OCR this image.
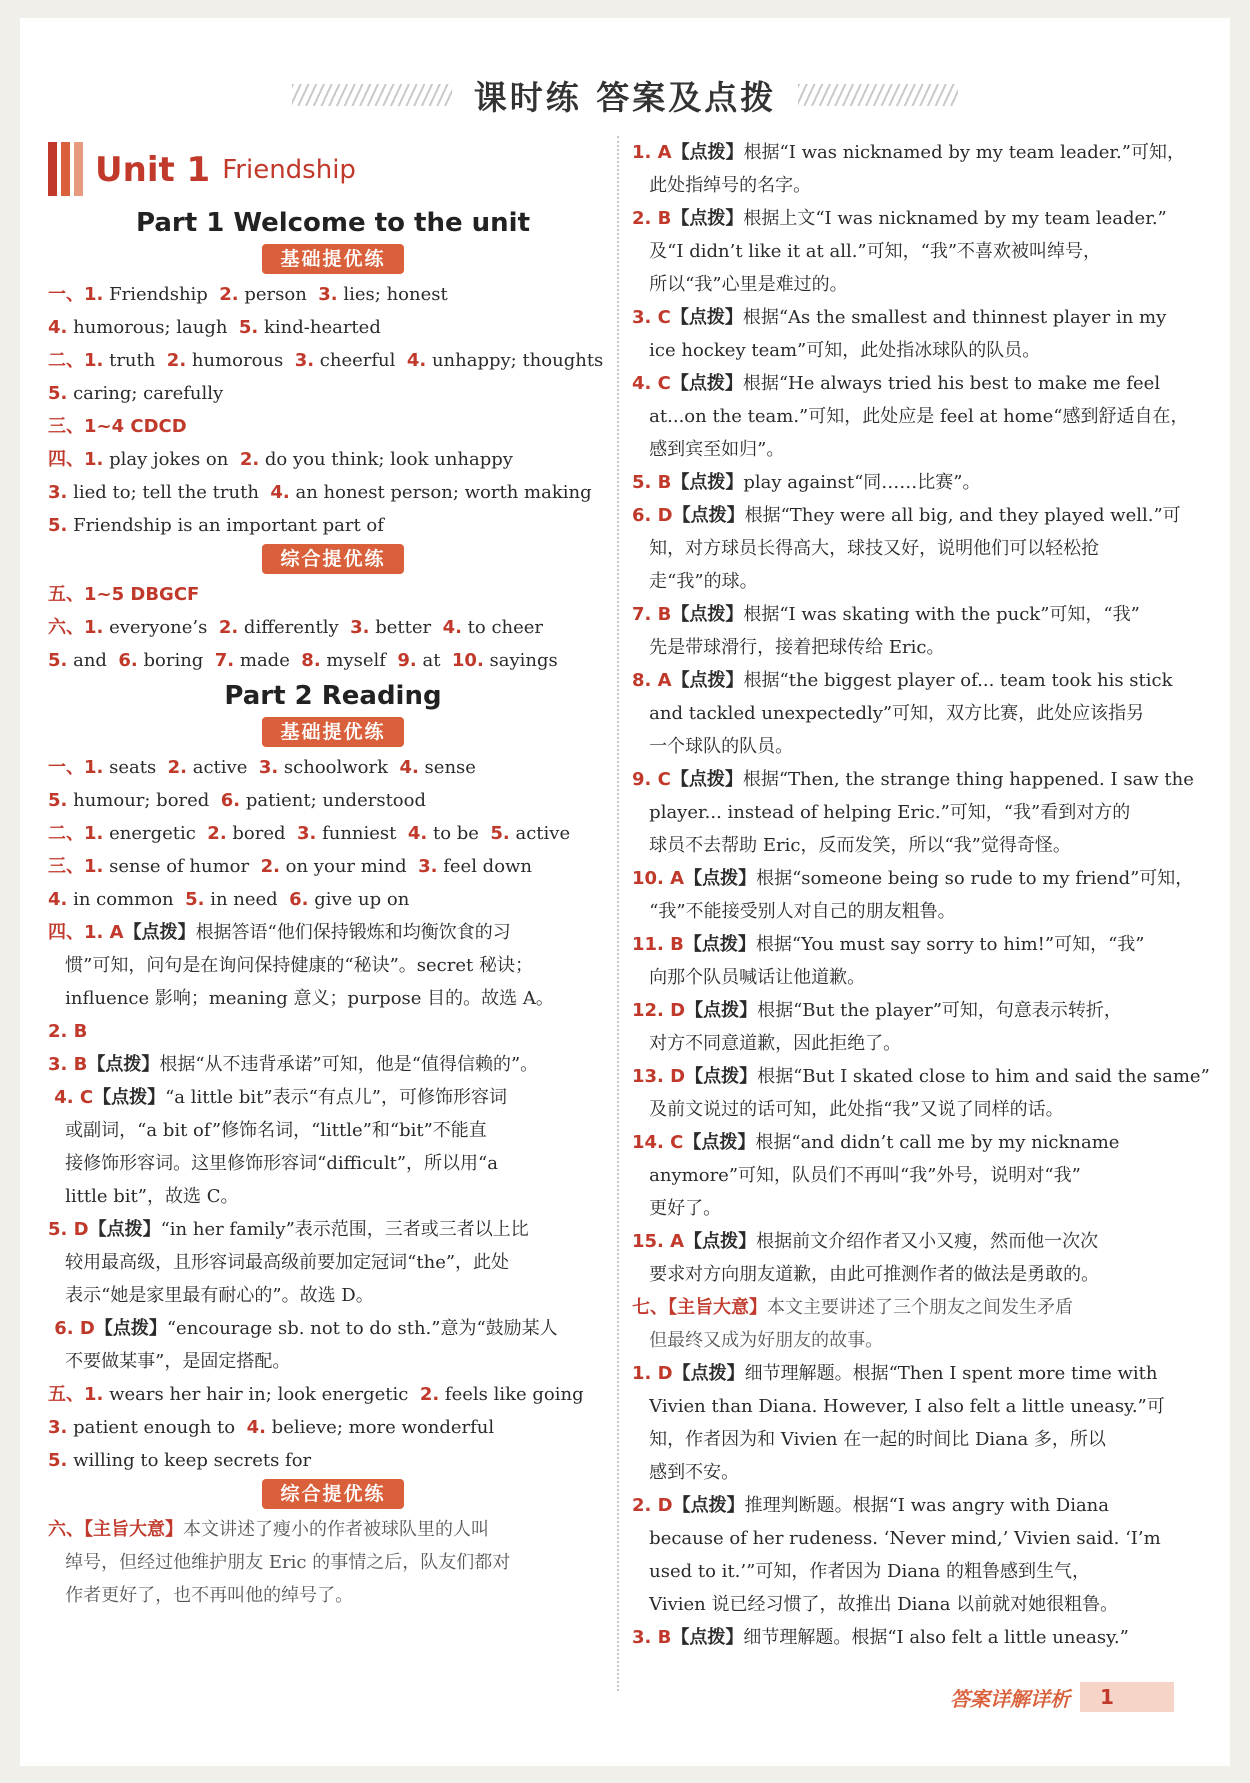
课时练 答案及点拨
Unit 1 Friendship
Part 1 Welcome to the unit
基础提优练
一、1. Friendship  2. person  3. lies; honest
4. humorous; laugh  5. kind-hearted
二、1. truth  2. humorous  3. cheerful  4. unhappy; thoughts
5. caring; carefully
三、1~4 CDCD
四、1. play jokes on  2. do you think; look unhappy
3. lied to; tell the truth  4. an honest person; worth making
5. Friendship is an important part of
综合提优练
五、1~5 DBGCF
六、1. everyone’s  2. differently  3. better  4. to cheer
5. and  6. boring  7. made  8. myself  9. at  10. sayings
Part 2 Reading
基础提优练
一、1. seats  2. active  3. schoolwork  4. sense
5. humour; bored  6. patient; understood
二、1. energetic  2. bored  3. funniest  4. to be  5. active
三、1. sense of humor  2. on your mind  3. feel down
4. in common  5. in need  6. give up on
四、1. A【点拨】根据答语“他们保持锻炼和均衡饮食的习
惯”可知，问句是在询问保持健康的“秘诀”。secret 秘诀；
influence 影响；meaning 意义；purpose 目的。故选 A。
2. B
3. B【点拨】根据“从不违背承诺”可知，他是“值得信赖的”。
4. C【点拨】“a little bit”表示“有点儿”，可修饰形容词
或副词，“a bit of”修饰名词，“little”和“bit”不能直
接修饰形容词。这里修饰形容词“difficult”，所以用“a
little bit”，故选 C。
5. D【点拨】“in her family”表示范围，三者或三者以上比
较用最高级，且形容词最高级前要加定冠词“the”，此处
表示“她是家里最有耐心的”。故选 D。
6. D【点拨】“encourage sb. not to do sth.”意为“鼓励某人
不要做某事”，是固定搭配。
五、1. wears her hair in; look energetic  2. feels like going
3. patient enough to  4. believe; more wonderful
5. willing to keep secrets for
综合提优练
六、【主旨大意】本文讲述了瘦小的作者被球队里的人叫
绰号，但经过他维护朋友 Eric 的事情之后，队友们都对
作者更好了，也不再叫他的绰号了。
1. A【点拨】根据“I was nicknamed by my team leader.”可知，
此处指绰号的名字。
2. B【点拨】根据上文“I was nicknamed by my team leader.”
及“I didn’t like it at all.”可知，“我”不喜欢被叫绰号，
所以“我”心里是难过的。
3. C【点拨】根据“As the smallest and thinnest player in my
ice hockey team”可知，此处指冰球队的队员。
4. C【点拨】根据“He always tried his best to make me feel
at...on the team.”可知，此处应是 feel at home“感到舒适自在，
感到宾至如归”。
5. B【点拨】play against“同……比赛”。
6. D【点拨】根据“They were all big, and they played well.”可
知，对方球员长得高大，球技又好，说明他们可以轻松抢
走“我”的球。
7. B【点拨】根据“I was skating with the puck”可知，“我”
先是带球滑行，接着把球传给 Eric。
8. A【点拨】根据“the biggest player of... team took his stick
and tackled unexpectedly”可知，双方比赛，此处应该指另
一个球队的队员。
9. C【点拨】根据“Then, the strange thing happened. I saw the
player... instead of helping Eric.”可知，“我”看到对方的
球员不去帮助 Eric，反而发笑，所以“我”觉得奇怪。
10. A【点拨】根据“someone being so rude to my friend”可知，
“我”不能接受别人对自己的朋友粗鲁。
11. B【点拨】根据“You must say sorry to him!”可知，“我”
向那个队员喊话让他道歉。
12. D【点拨】根据“But the player”可知，句意表示转折，
对方不同意道歉，因此拒绝了。
13. D【点拨】根据“But I skated close to him and said the same”
及前文说过的话可知，此处指“我”又说了同样的话。
14. C【点拨】根据“and didn’t call me by my nickname
anymore”可知，队员们不再叫“我”外号，说明对“我”
更好了。
15. A【点拨】根据前文介绍作者又小又瘦，然而他一次次
要求对方向朋友道歉，由此可推测作者的做法是勇敢的。
七、【主旨大意】本文主要讲述了三个朋友之间发生矛盾
但最终又成为好朋友的故事。
1. D【点拨】细节理解题。根据“Then I spent more time with
Vivien than Diana. However, I also felt a little uneasy.”可
知，作者因为和 Vivien 在一起的时间比 Diana 多，所以
感到不安。
2. D【点拨】推理判断题。根据“I was angry with Diana
because of her rudeness. ‘Never mind,’ Vivien said. ‘I’m
used to it.’”可知，作者因为 Diana 的粗鲁感到生气，
Vivien 说已经习惯了，故推出 Diana 以前就对她很粗鲁。
3. B【点拨】细节理解题。根据“I also felt a little uneasy.”
答案详解详析	1
